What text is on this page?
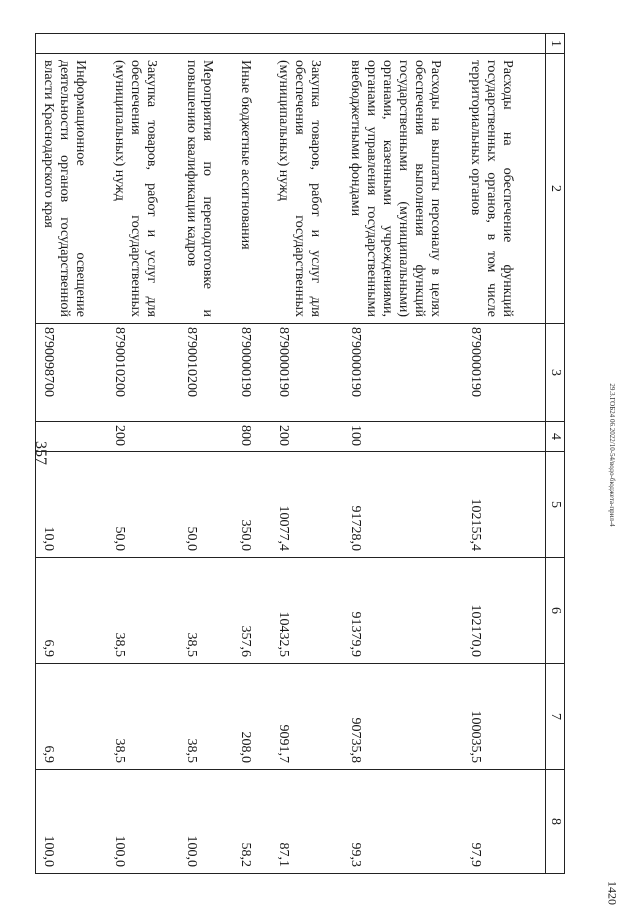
357	29.3.ГОБ24 06.2022/10-54/водо-бюджета-прил-4
1420
1	2	3	4	5	6	7	8

	Расходы на обеспечение функций государственных органов, в том числе территориальных органов	8790000190		102155,4	102170,0	100035,5	97,9

	Расходы на выплаты персоналу в целях обеспечения выполнения функций государственными (муниципальными) органами, казенными учреждениями, органами управления государственными внебюджетными фондами	8790000190	100	91728,0	91379,9	90735,8	99,3

	Закупка товаров, работ и услуг для обеспечения государственных (муниципальных) нужд	8790000190	200	10077,4	10432,5	9091,7	87,1

	Иные бюджетные ассигнования	8790000190	800	350,0	357,6	208,0	58,2

	Мероприятия по переподготовке и повышению квалификации кадров	8790010200		50,0	38,5	38,5	100,0

	Закупка товаров, работ и услуг для обеспечения государственных (муниципальных) нужд	8790010200	200	50,0	38,5	38,5	100,0

	Информационное освещение деятельности органов государственной власти Краснодарского края	8790098700		10,0	6,9	6,9	100,0
